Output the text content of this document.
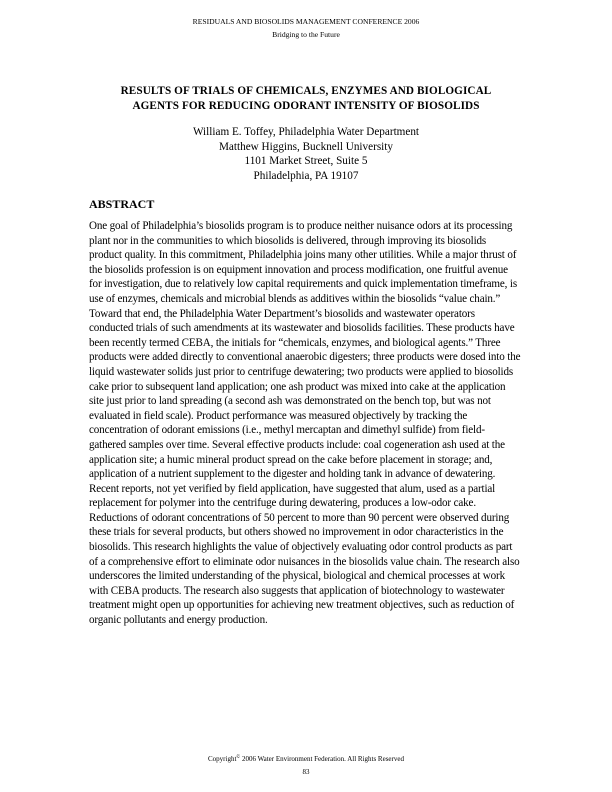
RESIDUALS AND BIOSOLIDS MANAGEMENT CONFERENCE 2006
Bridging to the Future
RESULTS OF TRIALS OF CHEMICALS, ENZYMES AND BIOLOGICAL
AGENTS FOR REDUCING ODORANT INTENSITY OF BIOSOLIDS
William E. Toffey, Philadelphia Water Department
Matthew Higgins, Bucknell University
1101 Market Street, Suite 5
Philadelphia, PA 19107
ABSTRACT

One goal of Philadelphia’s biosolids program is to produce neither nuisance odors at its processing plant nor in the communities to which biosolids is delivered, through improving its biosolids product quality. In this commitment, Philadelphia joins many other utilities. While a major thrust of the biosolids profession is on equipment innovation and process modification, one fruitful avenue for investigation, due to relatively low capital requirements and quick implementation timeframe, is use of enzymes, chemicals and microbial blends as additives within the biosolids “value chain.” Toward that end, the Philadelphia Water Department’s biosolids and wastewater operators conducted trials of such amendments at its wastewater and biosolids facilities. These products have been recently termed CEBA, the initials for “chemicals, enzymes, and biological agents.” Three products were added directly to conventional anaerobic digesters; three products were dosed into the liquid wastewater solids just prior to centrifuge dewatering; two products were applied to biosolids cake prior to subsequent land application; one ash product was mixed into cake at the application site just prior to land spreading (a second ash was demonstrated on the bench top, but was not evaluated in field scale). Product performance was measured objectively by tracking the concentration of odorant emissions (i.e., methyl mercaptan and dimethyl sulfide) from field-gathered samples over time. Several effective products include: coal cogeneration ash used at the application site; a humic mineral product spread on the cake before placement in storage; and, application of a nutrient supplement to the digester and holding tank in advance of dewatering. Recent reports, not yet verified by field application, have suggested that alum, used as a partial replacement for polymer into the centrifuge during dewatering, produces a low-odor cake. Reductions of odorant concentrations of 50 percent to more than 90 percent were observed during these trials for several products, but others showed no improvement in odor characteristics in the biosolids. This research highlights the value of objectively evaluating odor control products as part of a comprehensive effort to eliminate odor nuisances in the biosolids value chain. The research also underscores the limited understanding of the physical, biological and chemical processes at work with CEBA products. The research also suggests that application of biotechnology to wastewater treatment might open up opportunities for achieving new treatment objectives, such as reduction of organic pollutants and energy production.

Copyright© 2006 Water Environment Federation. All Rights Reserved
83
